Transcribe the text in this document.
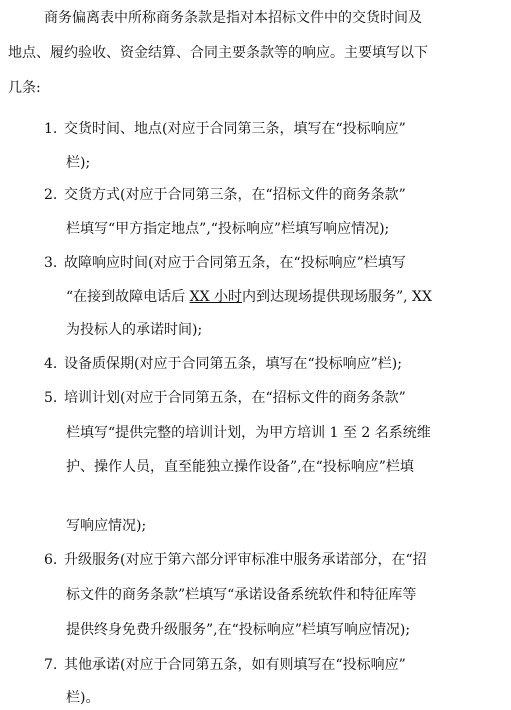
商务偏离表中所称商务条款是指对本招标文件中的交货时间及
地点、履约验收、资金结算、合同主要条款等的响应。主要填写以下
几条:
1. 交货时间、地点(对应于合同第三条，填写在“投标响应”
栏);
2. 交货方式(对应于合同第三条，在“招标文件的商务条款”
栏填写“甲方指定地点”,“投标响应”栏填写响应情况);
3. 故障响应时间(对应于合同第五条，在“投标响应”栏填写
“在接到故障电话后 XX 小时内到达现场提供现场服务”, XX
为投标人的承诺时间);
4. 设备质保期(对应于合同第五条，填写在“投标响应”栏);
5. 培训计划(对应于合同第五条，在“招标文件的商务条款”
栏填写“提供完整的培训计划，为甲方培训 1 至 2 名系统维
护、操作人员，直至能独立操作设备”,在“投标响应”栏填
写响应情况);
6. 升级服务(对应于第六部分评审标准中服务承诺部分，在“招
标文件的商务条款”栏填写“承诺设备系统软件和特征库等
提供终身免费升级服务”,在“投标响应”栏填写响应情况);
7. 其他承诺(对应于合同第五条，如有则填写在“投标响应”
栏)。
